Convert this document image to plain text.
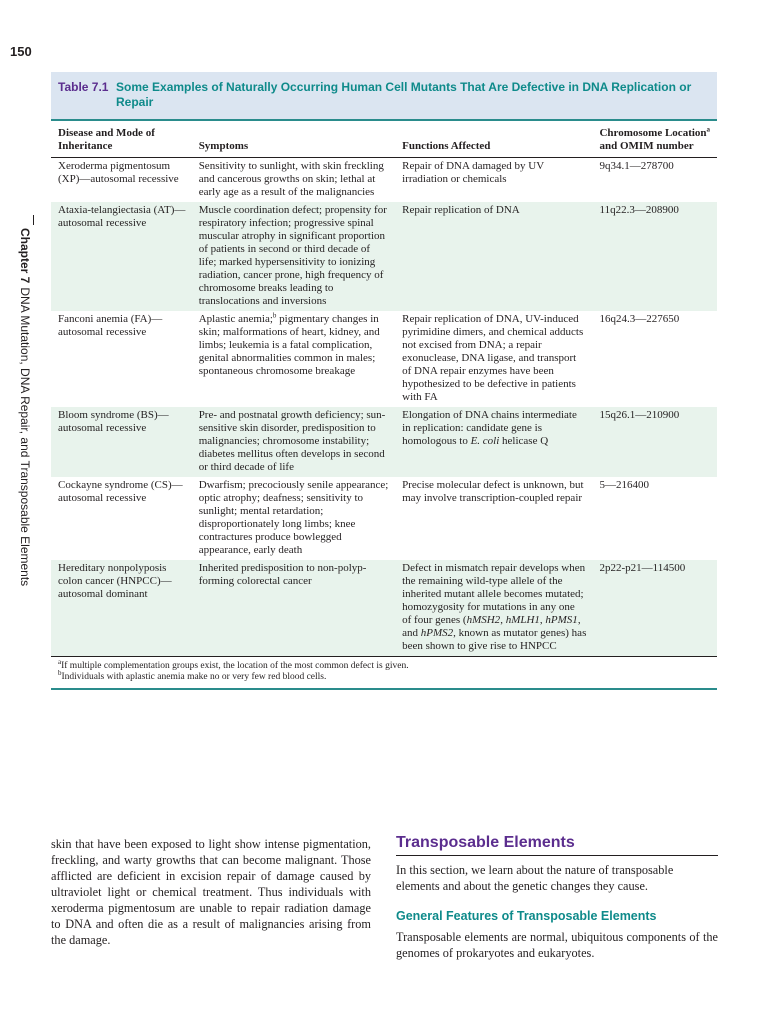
150
Chapter 7DNA Mutation, DNA Repair, and Transposable Elements
Table 7.1 Some Examples of Naturally Occurring Human Cell Mutants That Are Defective in DNA Replication or Repair
Disease and Mode of Inheritance	Symptoms	Functions Affected	Chromosome Location$^a$ and OMIM number
Xeroderma pigmentosum (XP)—autosomal recessive	Sensitivity to sunlight, with skin freckling and cancerous growths on skin; lethal at early age as a result of the malignancies	Repair of DNA damaged by UV irradiation or chemicals	9q34.1—278700
Ataxia-telangiectasia (AT)—autosomal recessive	Muscle coordination defect; propensity for respiratory infection; progressive spinal muscular atrophy in significant proportion of patients in second or third decade of life; marked hypersensitivity to ionizing radiation, cancer prone, high frequency of chromosome breaks leading to translocations and inversions	Repair replication of DNA	11q22.3—208900
Fanconi anemia (FA)—autosomal recessive	Aplastic anemia;$^b$ pigmentary changes in skin; malformations of heart, kidney, and limbs; leukemia is a fatal complication, genital abnormalities common in males; spontaneous chromosome breakage	Repair replication of DNA, UV-induced pyrimidine dimers, and chemical adducts not excised from DNA; a repair exonuclease, DNA ligase, and transport of DNA repair enzymes have been hypothesized to be defective in patients with FA	16q24.3—227650
Bloom syndrome (BS)—autosomal recessive	Pre- and postnatal growth deficiency; sun-sensitive skin disorder, predisposition to malignancies; chromosome instability; diabetes mellitus often develops in second or third decade of life	Elongation of DNA chains intermediate in replication: candidate gene is homologous to E. coli helicase Q	15q26.1—210900
Cockayne syndrome (CS)—autosomal recessive	Dwarfism; precociously senile appearance; optic atrophy; deafness; sensitivity to sunlight; mental retardation; disproportionately long limbs; knee contractures produce bowlegged appearance, early death	Precise molecular defect is unknown, but may involve transcription-coupled repair	5—216400
Hereditary nonpolyposis colon cancer (HNPCC)—autosomal dominant	Inherited predisposition to non-polyp-forming colorectal cancer	Defect in mismatch repair develops when the remaining wild-type allele of the inherited mutant allele becomes mutated; homozygosity for mutations in any one of four genes (hMSH2, hMLH1, hPMS1, and hPMS2, known as mutator genes) has been shown to give rise to HNPCC	2p22-p21—114500
$^a$If multiple complementation groups exist, the location of the most common defect is given.
$^b$Individuals with aplastic anemia make no or very few red blood cells.
skin that have been exposed to light show intense pigmentation, freckling, and warty growths that can become malignant. Those afflicted are deficient in excision repair of damage caused by ultraviolet light or chemical treatment. Thus individuals with xeroderma pigmentosum are unable to repair radiation damage to DNA and often die as a result of malignancies arising from the damage.
Transposable Elements
In this section, we learn about the nature of transposable elements and about the genetic changes they cause.
General Features of Transposable Elements
Transposable elements are normal, ubiquitous components of the genomes of prokaryotes and eukaryotes.
